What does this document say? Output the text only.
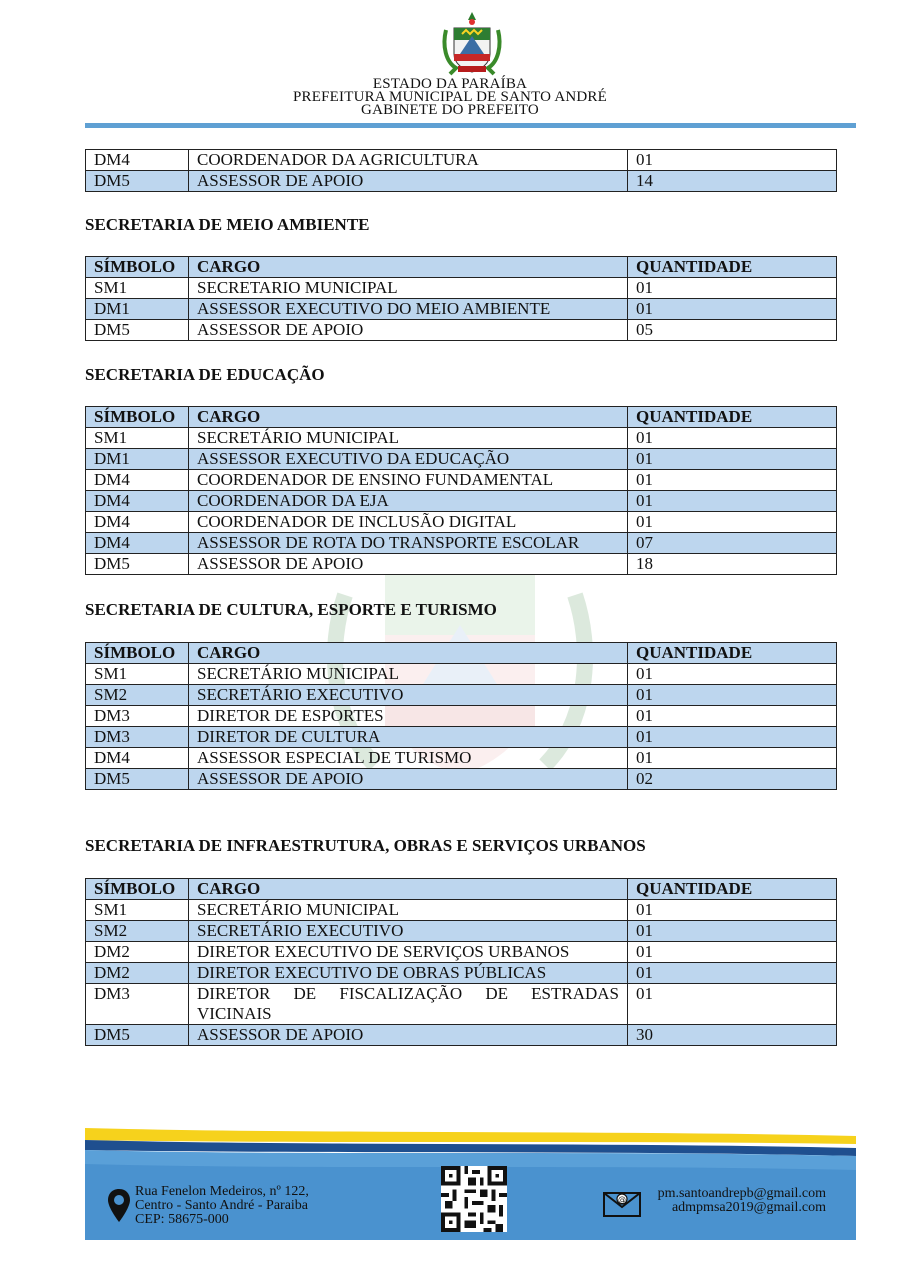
ESTADO DA PARAÍBA
PREFEITURA MUNICIPAL DE SANTO ANDRÉ
GABINETE DO PREFEITO
DM4	COORDENADOR DA AGRICULTURA	01
DM5	ASSESSOR DE APOIO	14
SECRETARIA DE MEIO AMBIENTE
SÍMBOLO	CARGO	QUANTIDADE
SM1	SECRETARIO MUNICIPAL	01
DM1	ASSESSOR EXECUTIVO DO MEIO AMBIENTE	01
DM5	ASSESSOR DE APOIO	05
SECRETARIA DE EDUCAÇÃO
SÍMBOLO	CARGO	QUANTIDADE
SM1	SECRETÁRIO MUNICIPAL	01
DM1	ASSESSOR EXECUTIVO DA EDUCAÇÃO	01
DM4	COORDENADOR DE ENSINO FUNDAMENTAL	01
DM4	COORDENADOR DA EJA	01
DM4	COORDENADOR DE INCLUSÃO DIGITAL	01
DM4	ASSESSOR DE ROTA DO TRANSPORTE ESCOLAR	07
DM5	ASSESSOR DE APOIO	18
SECRETARIA DE CULTURA, ESPORTE E TURISMO
SÍMBOLO	CARGO	QUANTIDADE
SM1	SECRETÁRIO MUNICIPAL	01
SM2	SECRETÁRIO EXECUTIVO	01
DM3	DIRETOR DE ESPORTES	01
DM3	DIRETOR DE CULTURA	01
DM4	ASSESSOR ESPECIAL DE TURISMO	01
DM5	ASSESSOR DE APOIO	02
SECRETARIA DE INFRAESTRUTURA, OBRAS E SERVIÇOS URBANOS
SÍMBOLO	CARGO	QUANTIDADE
SM1	SECRETÁRIO MUNICIPAL	01
SM2	SECRETÁRIO EXECUTIVO	01
DM2	DIRETOR EXECUTIVO DE SERVIÇOS URBANOS	01
DM2	DIRETOR EXECUTIVO DE OBRAS PÚBLICAS	01
DM3	DIRETOR DE FISCALIZAÇÃO DE ESTRADAS VICINAIS	01
DM5	ASSESSOR DE APOIO	30
Rua Fenelon Medeiros, nº 122,
Centro - Santo André - Paraiba
CEP: 58675-000
@ pm.santoandrepb@gmail.com
admpmsa2019@gmail.com
